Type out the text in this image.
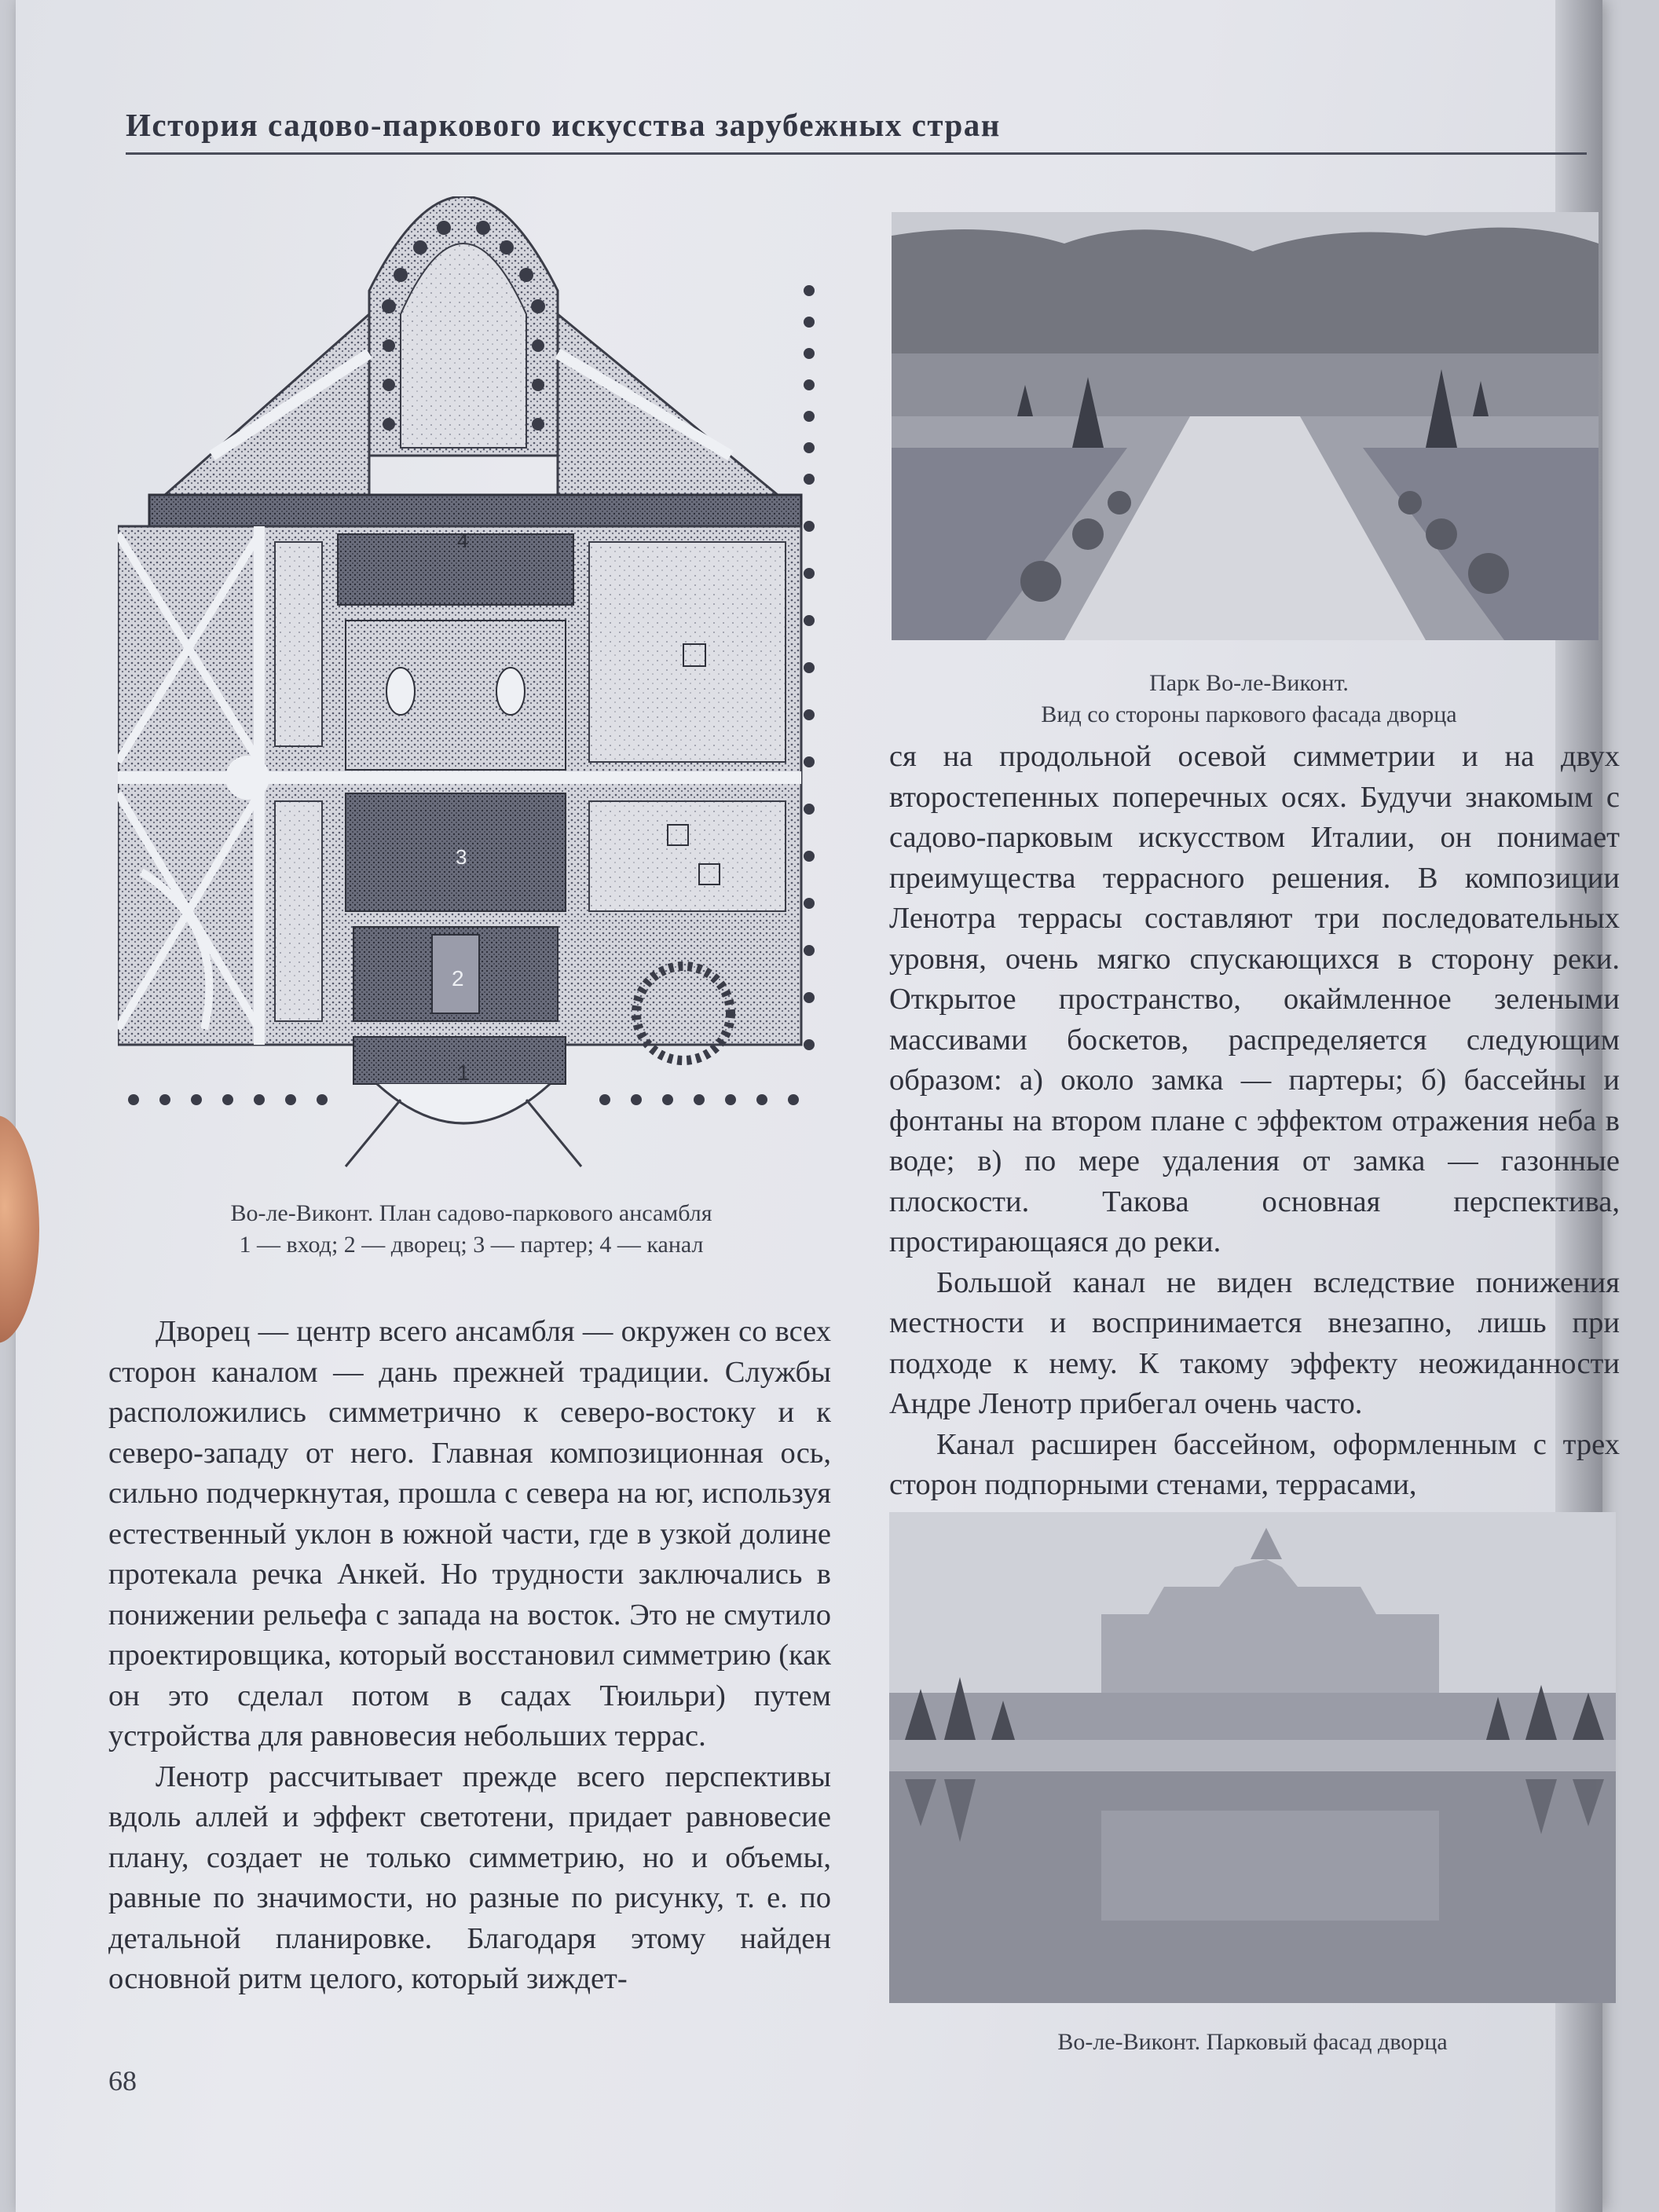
История садово-паркового искусства зарубежных стран
1
2
3
4
Во-ле-Виконт. План садово-паркового ансамбля
1 — вход; 2 — дворец; 3 — партер; 4 — канал
Парк Во-ле-Виконт.
Вид со стороны паркового фасада дворца
Во-ле-Виконт. Парковый фасад дворца

Дворец — центр всего ансамбля — окружен со всех сторон каналом — дань прежней традиции. Службы расположились симметрично к северо-востоку и к северо-западу от него. Главная композиционная ось, сильно подчеркнутая, прошла с севера на юг, используя естественный уклон в южной части, где в узкой долине протекала речка Анкей. Но трудности заключались в понижении рельефа с запада на восток. Это не смутило проектировщика, который восстановил симметрию (как он это сделал потом в садах Тюильри) путем устройства для равновесия небольших террас.

Ленотр рассчитывает прежде всего перспективы вдоль аллей и эффект светотени, придает равновесие плану, создает не только симметрию, но и объемы, равные по значимости, но разные по рисунку, т. е. по детальной планировке. Благодаря этому найден основной ритм целого, который зиждет-

ся на продольной осевой симметрии и на двух второстепенных поперечных осях. Будучи знакомым с садово-парковым искусством Италии, он понимает преимущества террасного решения. В композиции Ленотра террасы составляют три последовательных уровня, очень мягко спускающихся в сторону реки. Открытое пространство, окаймленное зелеными массивами боскетов, распределяется следующим образом: а) около замка — партеры; б) бассейны и фонтаны на втором плане с эффектом отражения неба в воде; в) по мере удаления от замка — газонные плоскости. Такова основная перспектива, простирающаяся до реки.

Большой канал не виден вследствие понижения местности и воспринимается внезапно, лишь при подходе к нему. К такому эффекту неожиданности Андре Ленотр прибегал очень часто.

Канал расширен бассейном, оформленным с трех сторон подпорными стенами, террасами,

68
